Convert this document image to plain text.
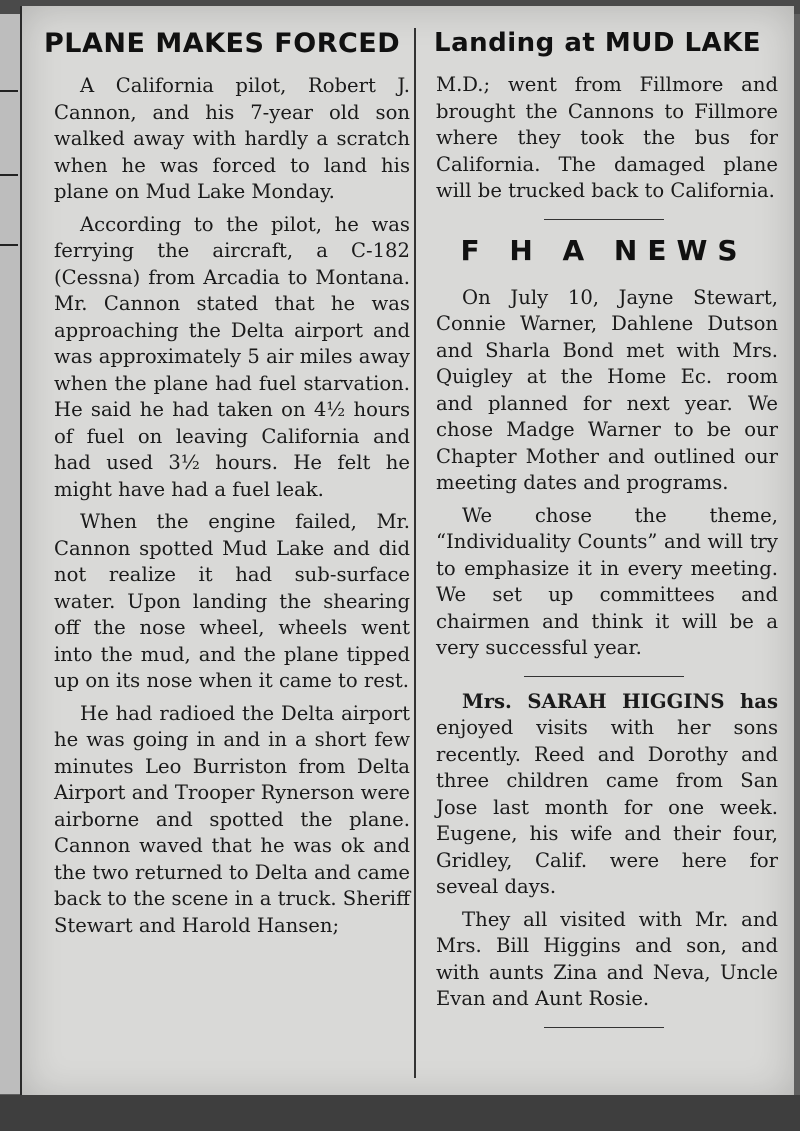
PLANE MAKES FORCED

A California pilot, Robert J. Cannon, and his 7-year old son walked away with hardly a scratch when he was forced to land his plane on Mud Lake Monday.

According to the pilot, he was ferrying the aircraft, a C-182 (Cessna) from Arcadia to Montana. Mr. Cannon stated that he was approaching the Delta airport and was approximately 5 air miles away when the plane had fuel starvation. He said he had taken on 4½ hours of fuel on leaving California and had used 3½ hours. He felt he might have had a fuel leak.

When the engine failed, Mr. Cannon spotted Mud Lake and did not realize it had sub-surface water. Upon landing the shearing off the nose wheel, wheels went into the mud, and the plane tipped up on its nose when it came to rest.

He had radioed the Delta airport he was going in and in a short few minutes Leo Burriston from Delta Airport and Trooper Rynerson were airborne and spotted the plane. Cannon waved that he was ok and the two returned to Delta and came back to the scene in a truck. Sheriff Stewart and Harold Hansen;

Landing at MUD LAKE

M.D.; went from Fillmore and brought the Cannons to Fillmore where they took the bus for California. The damaged plane will be trucked back to California.

F H A NEWS

On July 10, Jayne Stewart, Connie Warner, Dahlene Dutson and Sharla Bond met with Mrs. Quigley at the Home Ec. room and planned for next year. We chose Madge Warner to be our Chapter Mother and outlined our meeting dates and programs.

We chose the theme, “Individuality Counts” and will try to emphasize it in every meeting. We set up committees and chairmen and think it will be a very successful year.

Mrs. SARAH HIGGINS has enjoyed visits with her sons recently. Reed and Dorothy and three children came from San Jose last month for one week. Eugene, his wife and their four, Gridley, Calif. were here for seveal days.

They all visited with Mr. and Mrs. Bill Higgins and son, and with aunts Zina and Neva, Uncle Evan and Aunt Rosie.
